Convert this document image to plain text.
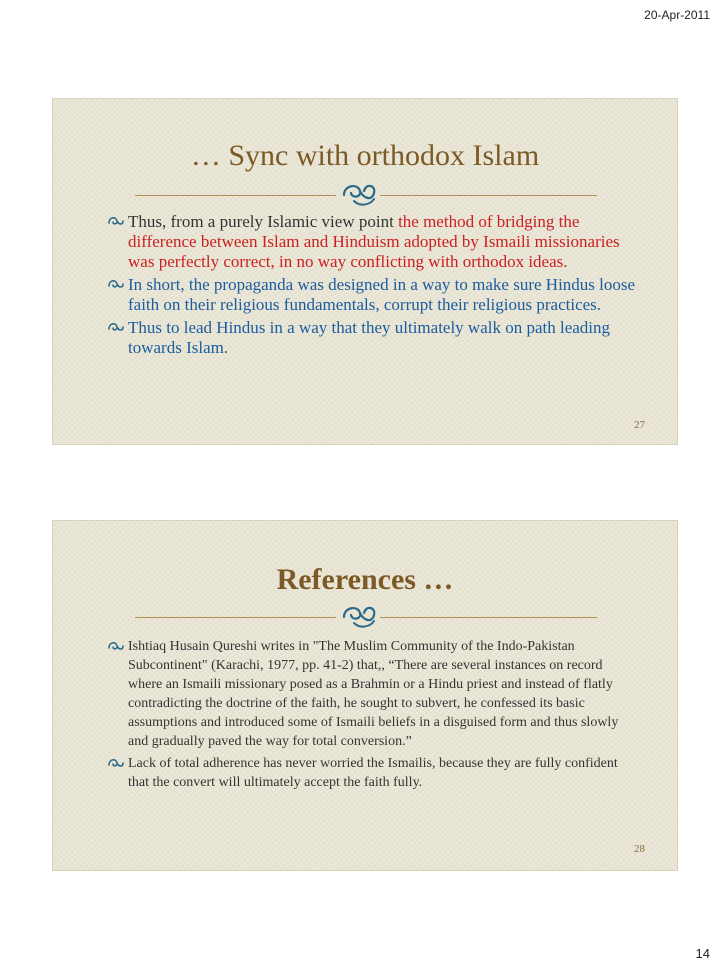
20-Apr-2011
… Sync with orthodox Islam
Thus, from a purely Islamic view point the method of bridging the difference between Islam and Hinduism adopted by Ismaili missionaries was perfectly correct, in no way conflicting with orthodox ideas.
In short, the propaganda was designed in a way to make sure Hindus loose faith on their religious fundamentals, corrupt their religious practices.
Thus to lead Hindus in a way that they ultimately walk on path leading towards Islam.
27
References …
Ishtiaq Husain Qureshi writes in "The Muslim Community of the Indo-Pakistan Subcontinent" (Karachi, 1977, pp. 41-2) that,, “There are several instances on record where an Ismaili missionary posed as a Brahmin or a Hindu priest and instead of flatly contradicting the doctrine of the faith, he sought to subvert, he confessed its basic assumptions and introduced some of Ismaili beliefs in a disguised form and thus slowly and gradually paved the way for total conversion.”
Lack of total adherence has never worried the Ismailis, because they are fully confident that the convert will ultimately accept the faith fully.
28
14
